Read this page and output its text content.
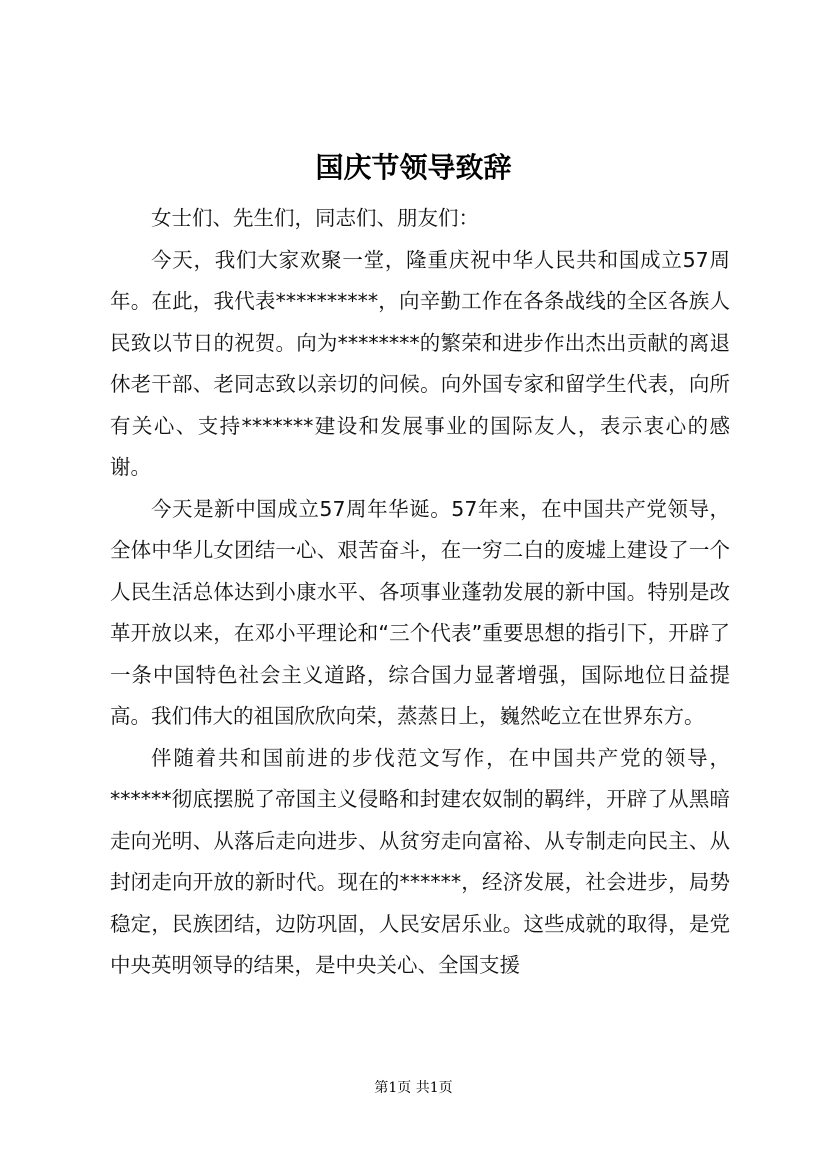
国庆节领导致辞

女士们、先生们，同志们、朋友们：

今天，我们大家欢聚一堂，隆重庆祝中华人民共和国成立57周年。在此，我代表**********，向辛勤工作在各条战线的全区各族人民致以节日的祝贺。向为********的繁荣和进步作出杰出贡献的离退休老干部、老同志致以亲切的问候。向外国专家和留学生代表，向所有关心、支持*******建设和发展事业的国际友人，表示衷心的感谢。

今天是新中国成立57周年华诞。57年来，在中国共产党领导，全体中华儿女团结一心、艰苦奋斗，在一穷二白的废墟上建设了一个人民生活总体达到小康水平、各项事业蓬勃发展的新中国。特别是改革开放以来，在邓小平理论和“三个代表”重要思想的指引下，开辟了一条中国特色社会主义道路，综合国力显著增强，国际地位日益提高。我们伟大的祖国欣欣向荣，蒸蒸日上，巍然屹立在世界东方。

伴随着共和国前进的步伐范文写作，在中国共产党的领导，******彻底摆脱了帝国主义侵略和封建农奴制的羁绊，开辟了从黑暗走向光明、从落后走向进步、从贫穷走向富裕、从专制走向民主、从封闭走向开放的新时代。现在的******，经济发展，社会进步，局势稳定，民族团结，边防巩固，人民安居乐业。这些成就的取得，是党中央英明领导的结果，是中央关心、全国支援

第1页 共1页
